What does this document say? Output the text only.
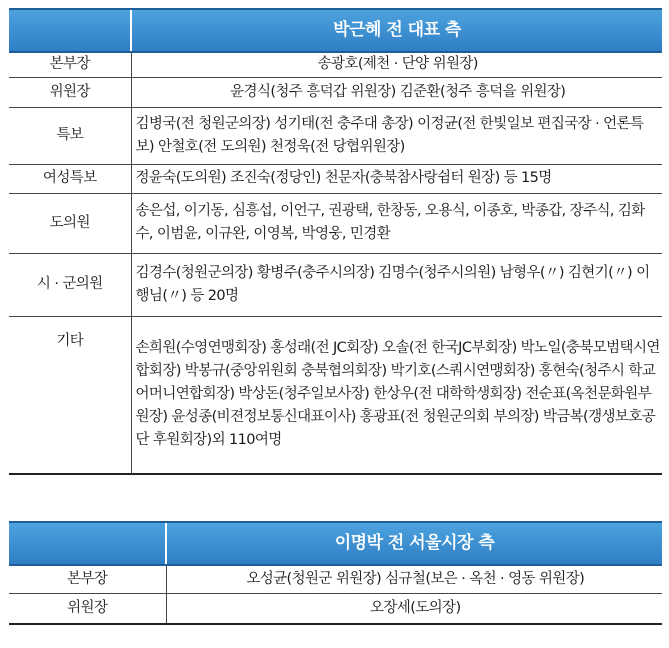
	박근혜 전 대표 측
본부장	송광호(제천 · 단양 위원장)
위원장	윤경식(청주 흥덕갑 위원장) 김준환(청주 흥덕을 위원장)
특보	김병국(전 청원군의장) 성기태(전 충주대 총장) 이정균(전 한빛일보 편집국장 · 언론특보) 안철호(전 도의원) 천정욱(전 당협위원장)
여성특보	정윤숙(도의원) 조진숙(정당인) 천문자(충북참사랑쉼터 원장) 등 15명
도의원	송은섭, 이기동, 심흥섭, 이언구, 권광택, 한창동, 오용식, 이종호, 박종갑, 장주식, 김화수, 이범윤, 이규완, 이영복, 박영웅, 민경환
시 · 군의원	김경수(청원군의장) 황병주(충주시의장) 김명수(청주시의원) 남형우(〃) 김현기(〃) 이행님(〃) 등 20명
기타	손희원(수영연맹회장) 홍성래(전 JC회장) 오솔(전 한국JC부회장) 박노일(충북모범택시연합회장) 박봉규(중앙위원회 충북협의회장) 박기호(스쿼시연맹회장) 홍현숙(청주시 학교어머니연합회장) 박상돈(청주일보사장) 한상우(전 대학학생회장) 전순표(옥천문화원부원장) 윤성종(비젼정보통신대표이사) 홍광표(전 청원군의회 부의장) 박금복(갱생보호공단 후원회장)외 110여명
	이명박 전 서울시장 측
본부장	오성균(청원군 위원장) 심규철(보은 · 옥천 · 영동 위원장)
위원장	오장세(도의장)
